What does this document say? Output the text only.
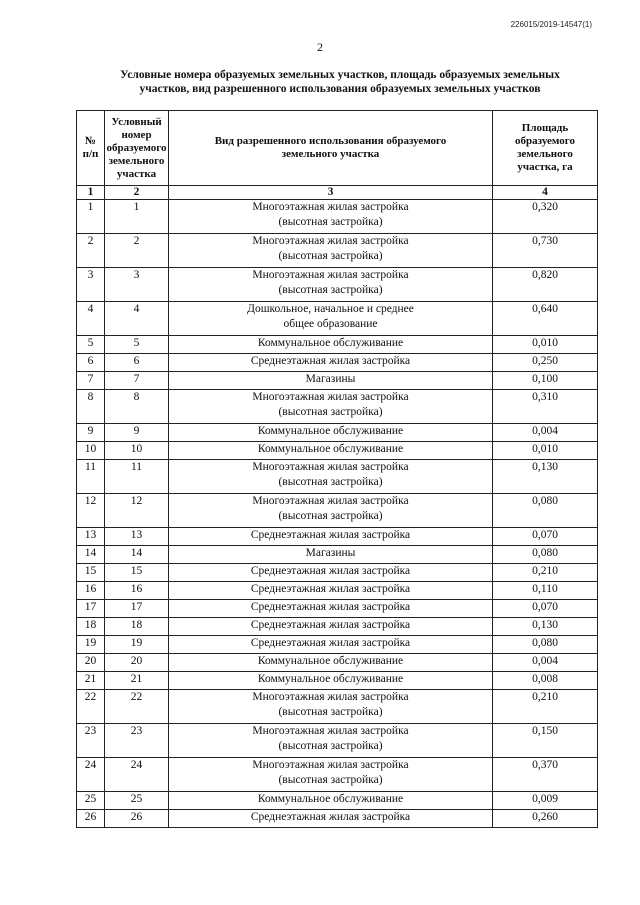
226015/2019-14547(1)
2
Условные номера образуемых земельных участков, площадь образуемых земельных
участков, вид разрешенного использования образуемых земельных участков
№
п/п	Условный
номер
образуемого
земельного
участка	Вид разрешенного использования образуемого
земельного участка	Площадь
образуемого
земельного
участка, га
1	2	3	4
1	1	Многоэтажная жилая застройка
(высотная застройка)	0,320
2	2	Многоэтажная жилая застройка
(высотная застройка)	0,730
3	3	Многоэтажная жилая застройка
(высотная застройка)	0,820
4	4	Дошкольное, начальное и среднее
общее образование	0,640
5	5	Коммунальное обслуживание	0,010
6	6	Среднеэтажная жилая застройка	0,250
7	7	Магазины	0,100
8	8	Многоэтажная жилая застройка
(высотная застройка)	0,310
9	9	Коммунальное обслуживание	0,004
10	10	Коммунальное обслуживание	0,010
11	11	Многоэтажная жилая застройка
(высотная застройка)	0,130
12	12	Многоэтажная жилая застройка
(высотная застройка)	0,080
13	13	Среднеэтажная жилая застройка	0,070
14	14	Магазины	0,080
15	15	Среднеэтажная жилая застройка	0,210
16	16	Среднеэтажная жилая застройка	0,110
17	17	Среднеэтажная жилая застройка	0,070
18	18	Среднеэтажная жилая застройка	0,130
19	19	Среднеэтажная жилая застройка	0,080
20	20	Коммунальное обслуживание	0,004
21	21	Коммунальное обслуживание	0,008
22	22	Многоэтажная жилая застройка
(высотная застройка)	0,210
23	23	Многоэтажная жилая застройка
(высотная застройка)	0,150
24	24	Многоэтажная жилая застройка
(высотная застройка)	0,370
25	25	Коммунальное обслуживание	0,009
26	26	Среднеэтажная жилая застройка	0,260
